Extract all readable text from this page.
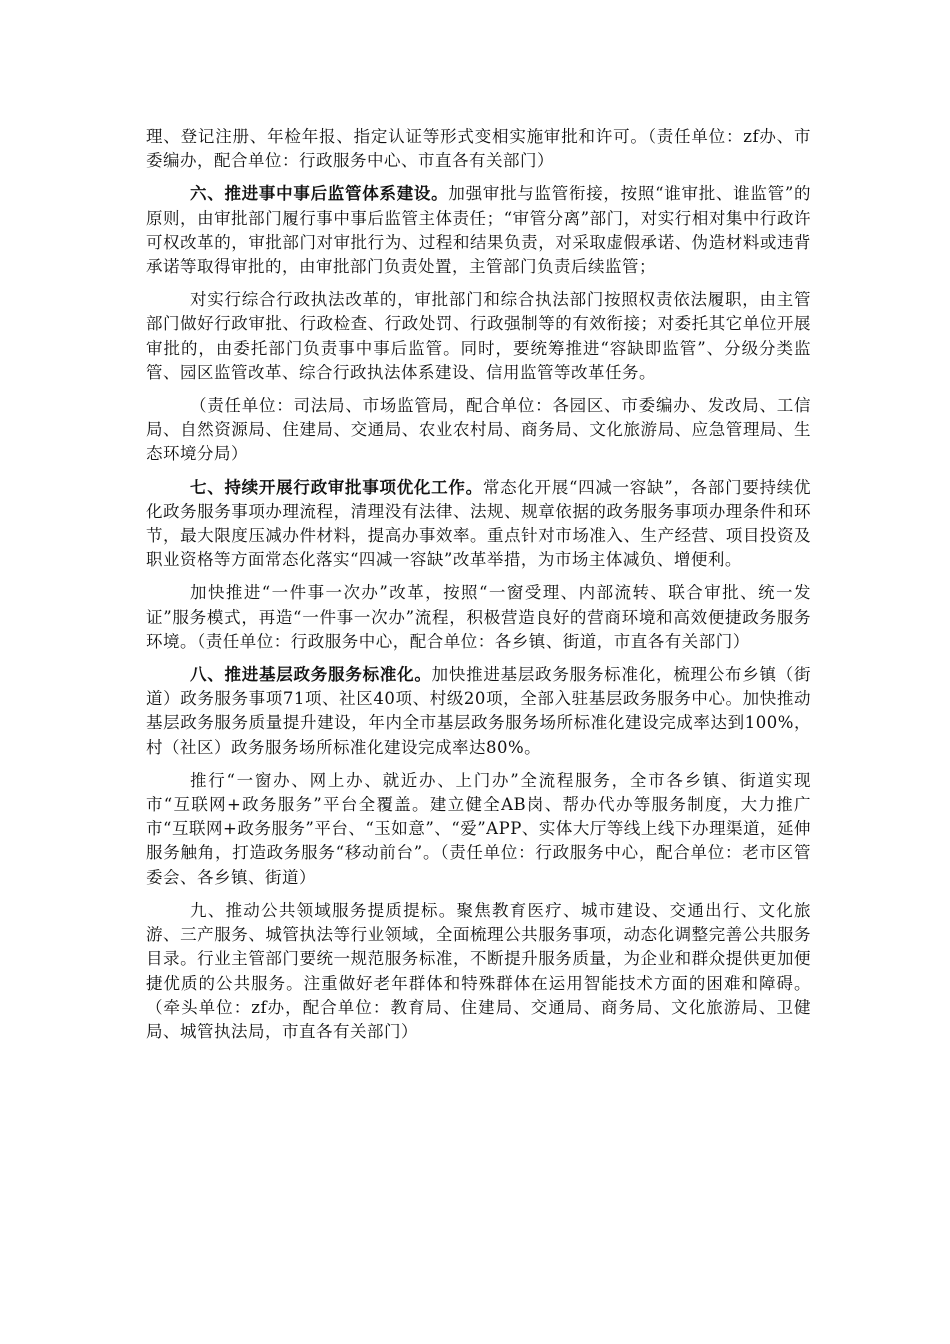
理、登记注册、年检年报、指定认证等形式变相实施审批和许可。（责任单位：zf办、市委编办，配合单位：行政服务中心、市直各有关部门）

六、推进事中事后监管体系建设。加强审批与监管衔接，按照“谁审批、谁监管”的原则，由审批部门履行事中事后监管主体责任；“审管分离”部门，对实行相对集中行政许可权改革的，审批部门对审批行为、过程和结果负责，对采取虚假承诺、伪造材料或违背承诺等取得审批的，由审批部门负责处置，主管部门负责后续监管；

对实行综合行政执法改革的，审批部门和综合执法部门按照权责依法履职，由主管部门做好行政审批、行政检查、行政处罚、行政强制等的有效衔接；对委托其它单位开展审批的，由委托部门负责事中事后监管。同时，要统筹推进“容缺即监管”、分级分类监管、园区监管改革、综合行政执法体系建设、信用监管等改革任务。

（责任单位：司法局、市场监管局，配合单位：各园区、市委编办、发改局、工信局、自然资源局、住建局、交通局、农业农村局、商务局、文化旅游局、应急管理局、生态环境分局）

七、持续开展行政审批事项优化工作。常态化开展“四减一容缺”，各部门要持续优化政务服务事项办理流程，清理没有法律、法规、规章依据的政务服务事项办理条件和环节，最大限度压减办件材料，提高办事效率。重点针对市场准入、生产经营、项目投资及职业资格等方面常态化落实“四减一容缺”改革举措，为市场主体减负、增便利。

加快推进“一件事一次办”改革，按照“一窗受理、内部流转、联合审批、统一发证”服务模式，再造“一件事一次办”流程，积极营造良好的营商环境和高效便捷政务服务环境。（责任单位：行政服务中心，配合单位：各乡镇、街道，市直各有关部门）

八、推进基层政务服务标准化。加快推进基层政务服务标准化，梳理公布乡镇（街道）政务服务事项71项、社区40项、村级20项，全部入驻基层政务服务中心。加快推动基层政务服务质量提升建设，年内全市基层政务服务场所标准化建设完成率达到100%，村（社区）政务服务场所标准化建设完成率达80%。

推行“一窗办、网上办、就近办、上门办”全流程服务，全市各乡镇、街道实现市“互联网+政务服务”平台全覆盖。建立健全AB岗、帮办代办等服务制度，大力推广市“互联网+政务服务”平台、“玉如意”、“爱”APP、实体大厅等线上线下办理渠道，延伸服务触角，打造政务服务“移动前台”。（责任单位：行政服务中心，配合单位：老市区管委会、各乡镇、街道）

九、推动公共领域服务提质提标。聚焦教育医疗、城市建设、交通出行、文化旅游、三产服务、城管执法等行业领域，全面梳理公共服务事项，动态化调整完善公共服务目录。行业主管部门要统一规范服务标准，不断提升服务质量，为企业和群众提供更加便捷优质的公共服务。注重做好老年群体和特殊群体在运用智能技术方面的困难和障碍。（牵头单位：zf办，配合单位：教育局、住建局、交通局、商务局、文化旅游局、卫健局、城管执法局，市直各有关部门）
